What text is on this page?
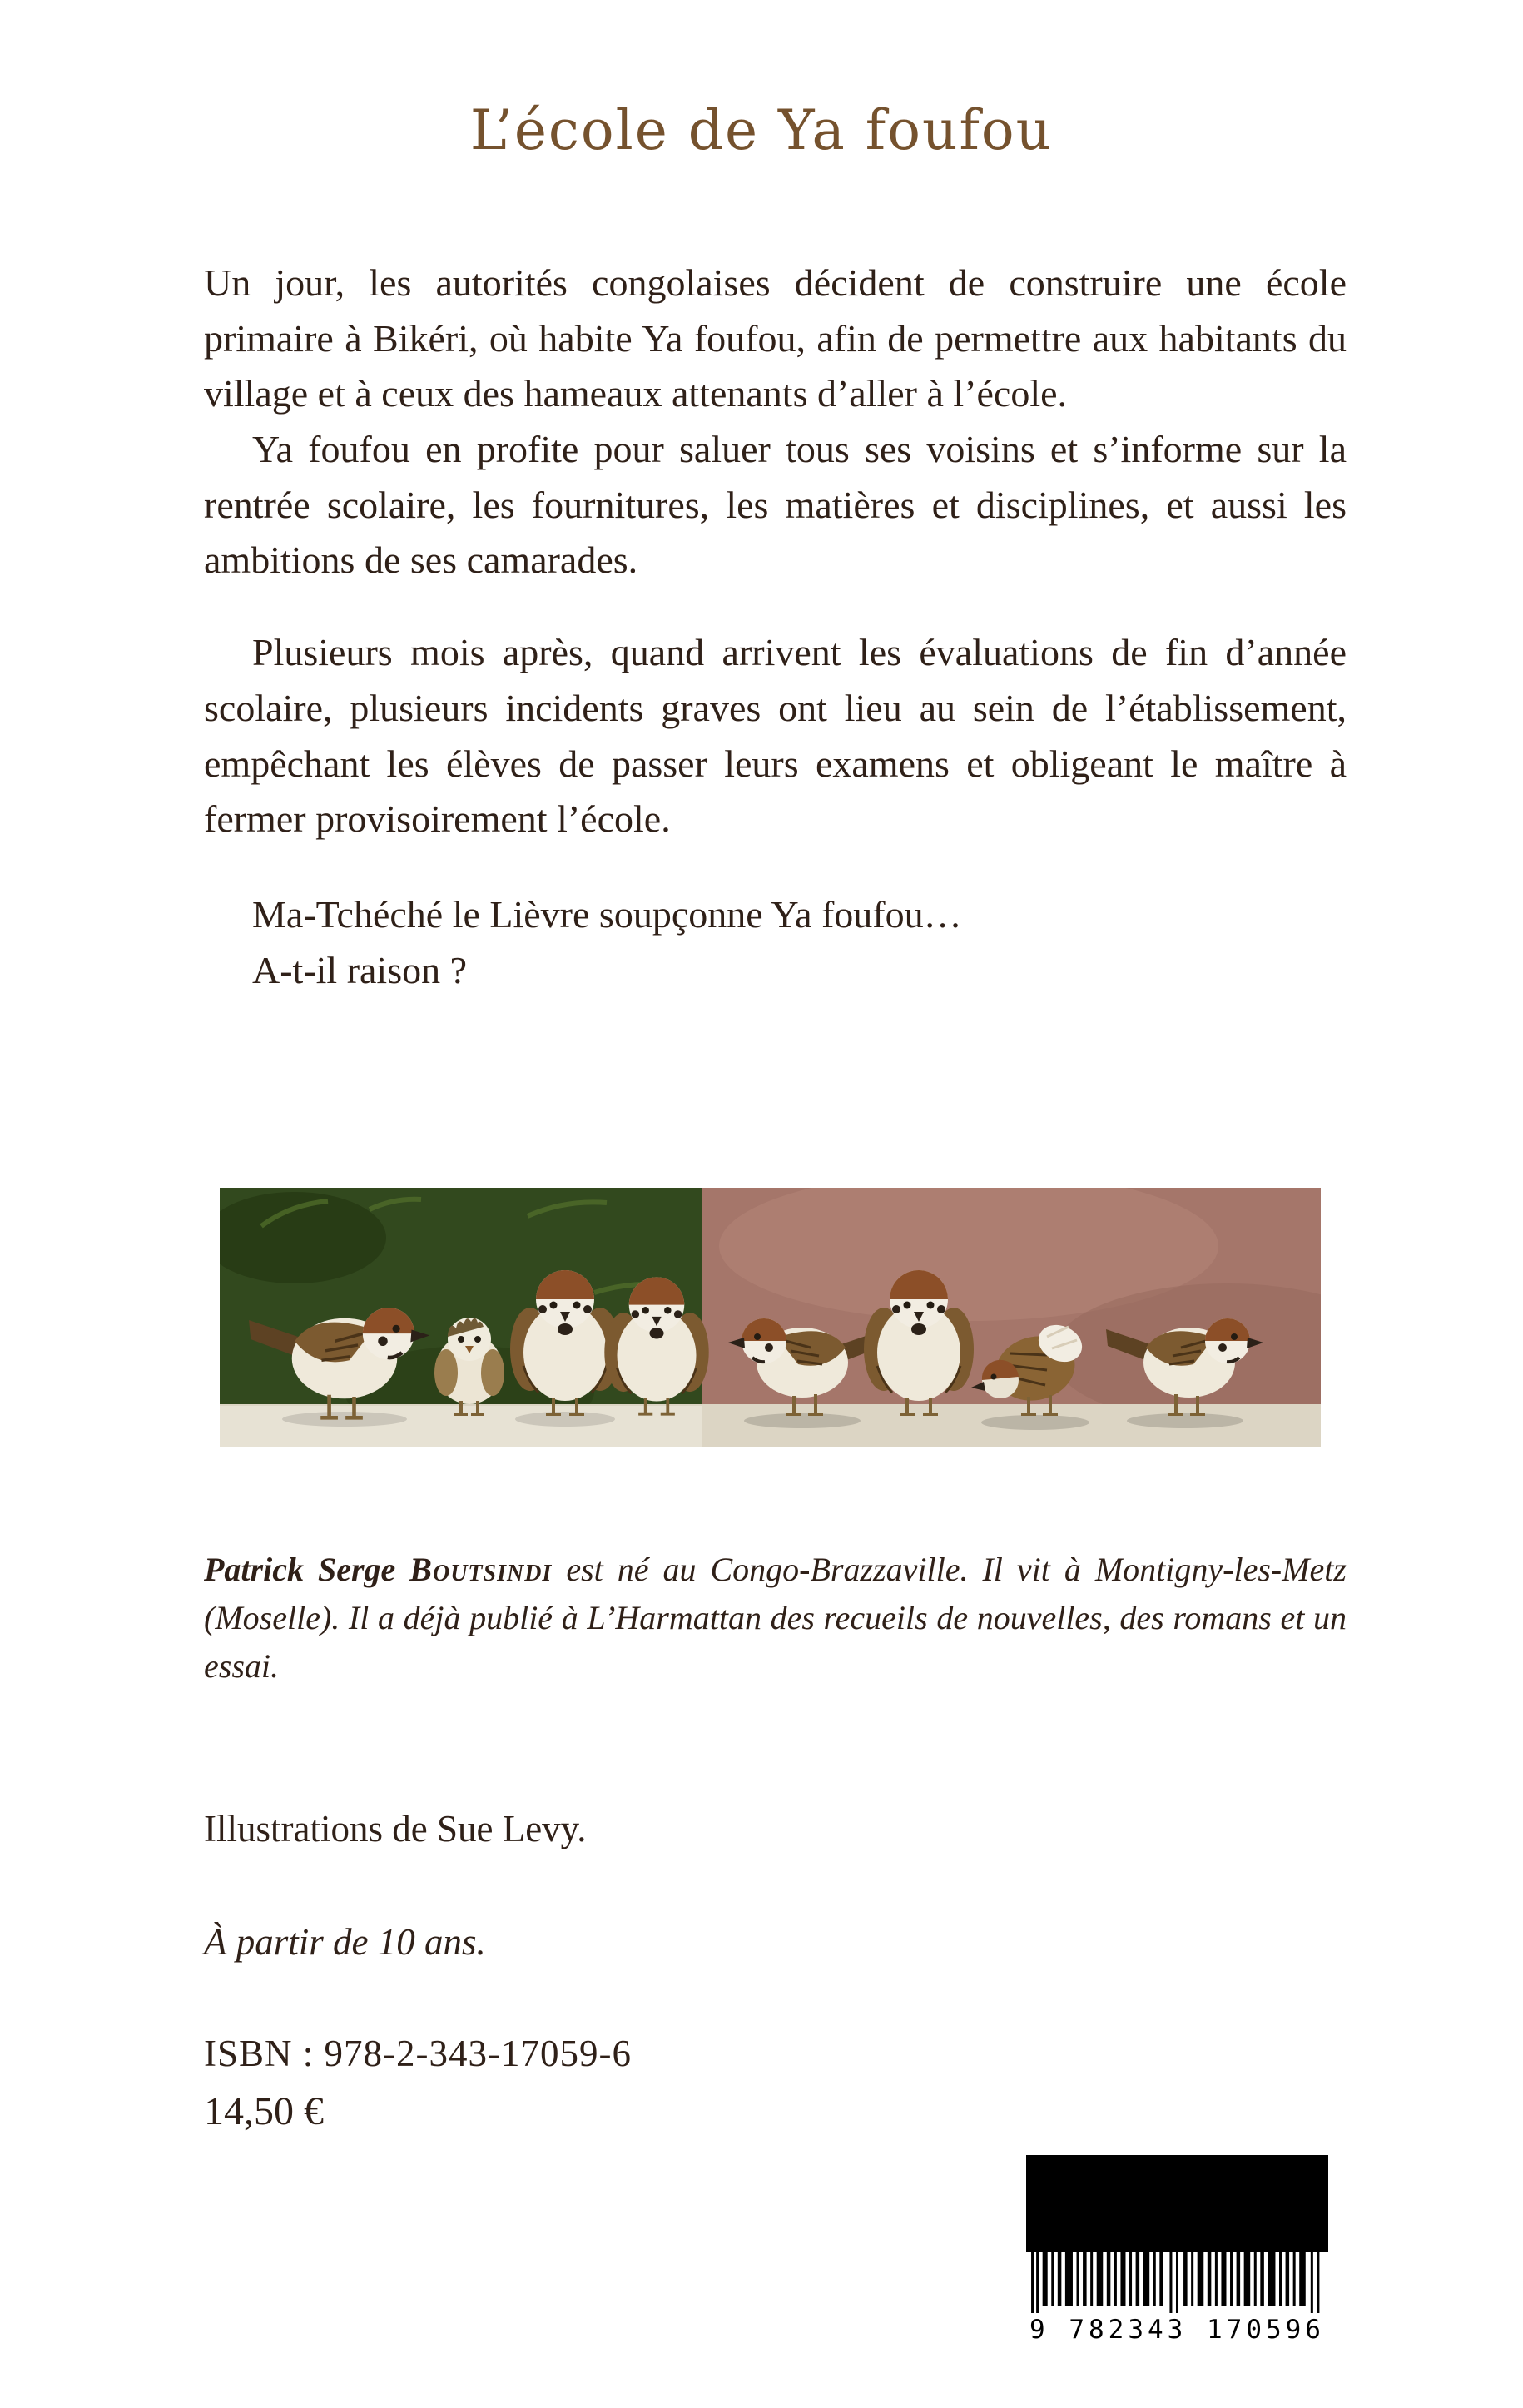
L’école de Ya foufou

Un jour, les autorités congolaises décident de construire une école primaire à Bikéri, où habite Ya foufou, afin de permettre aux habitants du village et à ceux des hameaux attenants d’aller à l’école.

Ya foufou en profite pour saluer tous ses voisins et s’informe sur la rentrée scolaire, les fournitures, les matières et disciplines, et aussi les ambitions de ses camarades.

Plusieurs mois après, quand arrivent les évaluations de fin d’année scolaire, plusieurs incidents graves ont lieu au sein de l’établissement, empêchant les élèves de passer leurs examens et obligeant le maître à fermer provisoirement l’école.

Ma-Tchéché le Lièvre soupçonne Ya foufou…

A-t-il raison ?

Patrick Serge Boutsindi est né au Congo-Brazzaville. Il vit à Montigny-les-Metz (Moselle). Il a déjà publié à L’Harmattan des recueils de nouvelles, des romans et un essai.
Illustrations de Sue Levy.
À partir de 10 ans.
ISBN : 978-2-343-17059-6
14,50 €
9 782343 170596
